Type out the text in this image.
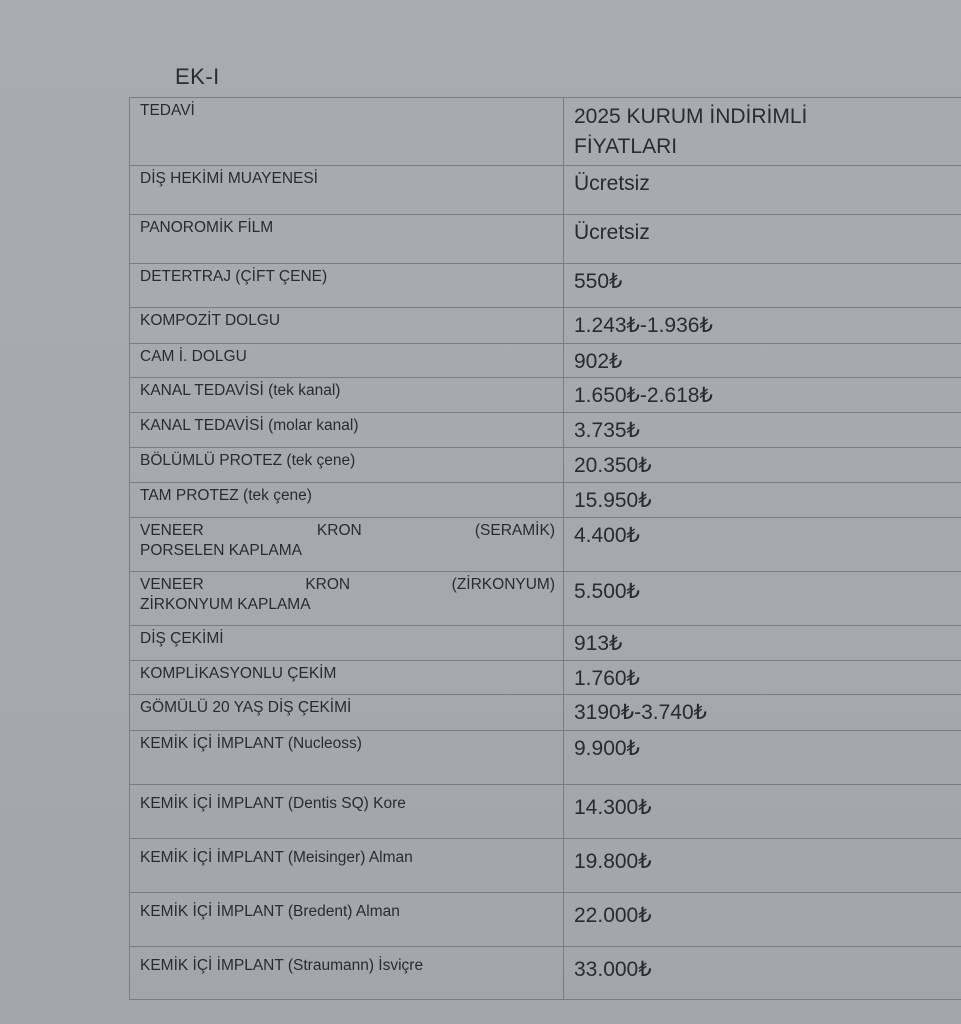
EK-I
TEDAVİ	2025 KURUM İNDİRİMLİ
FİYATLARI

DİŞ HEKİMİ MUAYENESİ	Ücretsiz
PANOROMİK FİLM	Ücretsiz
DETERTRAJ (ÇİFT ÇENE)	550₺
KOMPOZİT DOLGU	1.243₺-1.936₺
CAM İ. DOLGU	902₺
KANAL TEDAVİSİ (tek kanal)	1.650₺-2.618₺
KANAL TEDAVİSİ (molar kanal)	3.735₺
BÖLÜMLÜ PROTEZ (tek çene)	20.350₺
TAM PROTEZ (tek çene)	15.950₺

VENEER KRON (SERAMİK)
PORSELEN KAPLAMA	4.400₺

VENEER KRON (ZİRKONYUM)
ZİRKONYUM KAPLAMA	5.500₺
DİŞ ÇEKİMİ	913₺
KOMPLİKASYONLU ÇEKİM	1.760₺
GÖMÜLÜ 20 YAŞ DİŞ ÇEKİMİ	3190₺-3.740₺
KEMİK İÇİ İMPLANT (Nucleoss)	9.900₺
KEMİK İÇİ İMPLANT (Dentis SQ) Kore	14.300₺
KEMİK İÇİ İMPLANT (Meisinger) Alman	19.800₺
KEMİK İÇİ İMPLANT (Bredent) Alman	22.000₺
KEMİK İÇİ İMPLANT (Straumann) İsviçre	33.000₺
